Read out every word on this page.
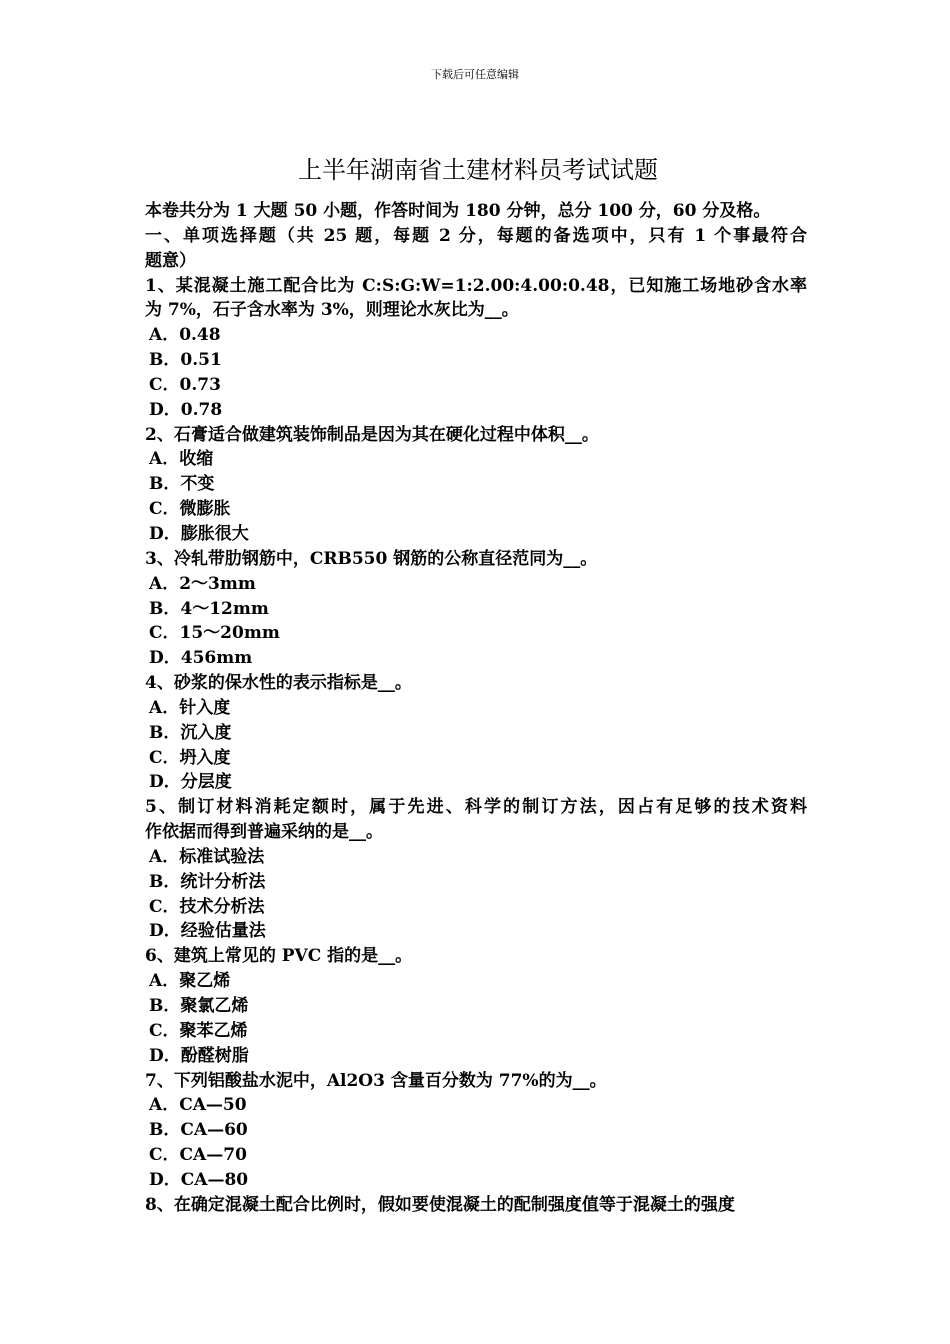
下载后可任意编辑
上半年湖南省土建材料员考试试题
本卷共分为 1 大题 50 小题，作答时间为 180 分钟，总分 100 分，60 分及格。
一、单项选择题（共 25 题，每题 2 分，每题的备选项中，只有 1 个事最符合
题意）
1、某混凝土施工配合比为 C:S:G:W=1:2.00:4.00:0.48，已知施工场地砂含水率
为 7%，石子含水率为 3%，则理论水灰比为__。
A．0.48
B．0.51
C．0.73
D．0.78
2、石膏适合做建筑装饰制品是因为其在硬化过程中体积__。
A．收缩
B．不变
C．微膨胀
D．膨胀很大
3、冷轧带肋钢筋中，CRB550 钢筋的公称直径范同为__。
A．2～3mm
B．4～12mm
C．15～20mm
D．456mm
4、砂浆的保水性的表示指标是__。
A．针入度
B．沉入度
C．坍入度
D．分层度
5、制订材料消耗定额时，属于先进、科学的制订方法，因占有足够的技术资料
作依据而得到普遍采纳的是__。
A．标准试验法
B．统计分析法
C．技术分析法
D．经验估量法
6、建筑上常见的 PVC 指的是__。
A．聚乙烯
B．聚氯乙烯
C．聚苯乙烯
D．酚醛树脂
7、下列铝酸盐水泥中，Al2O3 含量百分数为 77%的为__。
A．CA—50
B．CA—60
C．CA—70
D．CA—80
8、在确定混凝土配合比例时，假如要使混凝土的配制强度值等于混凝土的强度
